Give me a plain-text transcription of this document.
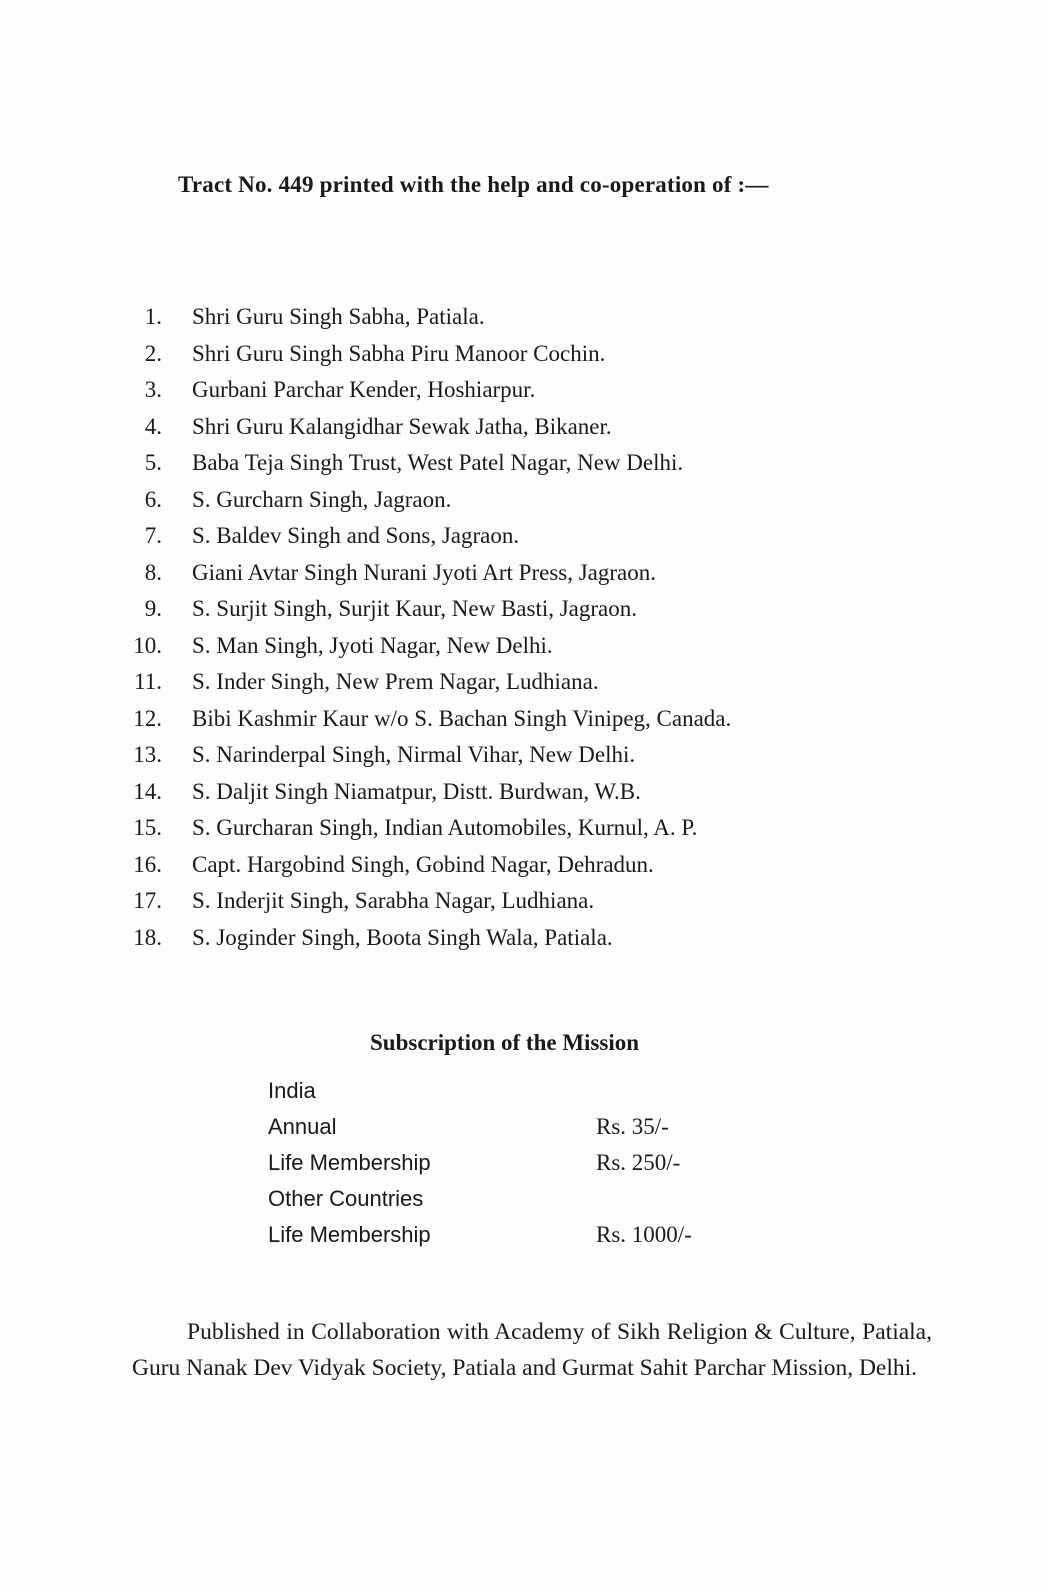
Tract No. 449 printed with the help and co-operation of :—
1.	Shri Guru Singh Sabha, Patiala.
2.	Shri Guru Singh Sabha Piru Manoor Cochin.
3.	Gurbani Parchar Kender, Hoshiarpur.
4.	Shri Guru Kalangidhar Sewak Jatha, Bikaner.
5.	Baba Teja Singh Trust, West Patel Nagar, New Delhi.
6.	S. Gurcharn Singh, Jagraon.
7.	S. Baldev Singh and Sons, Jagraon.
8.	Giani Avtar Singh Nurani Jyoti Art Press, Jagraon.
9.	S. Surjit Singh, Surjit Kaur, New Basti, Jagraon.
10.	S. Man Singh, Jyoti Nagar, New Delhi.
11.	S. Inder Singh, New Prem Nagar, Ludhiana.
12.	Bibi Kashmir Kaur w/o S. Bachan Singh Vinipeg, Canada.
13.	S. Narinderpal Singh, Nirmal Vihar, New Delhi.
14.	S. Daljit Singh Niamatpur, Distt. Burdwan, W.B.
15.	S. Gurcharan Singh, Indian Automobiles, Kurnul, A. P.
16.	Capt. Hargobind Singh, Gobind Nagar, Dehradun.
17.	S. Inderjit Singh, Sarabha Nagar, Ludhiana.
18.	S. Joginder Singh, Boota Singh Wala, Patiala.
Subscription of the Mission
India
Annual	Rs. 35/-
Life Membership	Rs. 250/-
Other Countries
Life Membership	Rs. 1000/-

Published in Collaboration with Academy of Sikh Religion & Culture, Patiala, Guru Nanak Dev Vidyak Society, Patiala and Gurmat Sahit Parchar Mission, Delhi.
